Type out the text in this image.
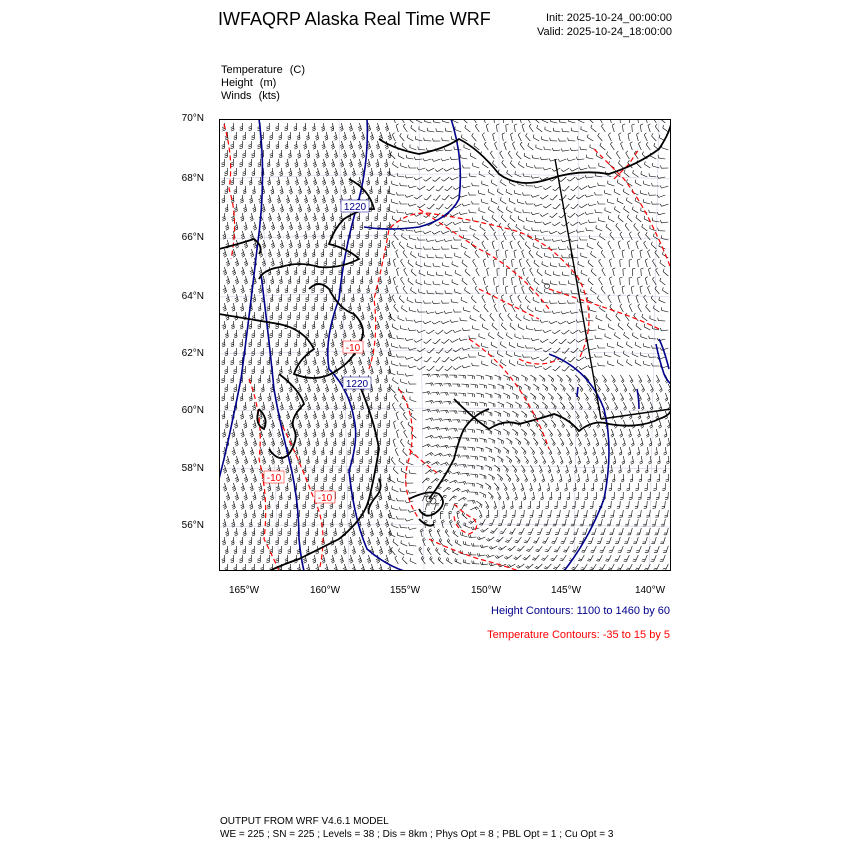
IWFAQRP Alaska Real Time WRF	Init: 2025-10-24_00:00:00
Valid: 2025-10-24_18:00:00
Temperature (C)
Height (m)
Winds (kts)
70°N
68°N
66°N
64°N
62°N
60°N
58°N
56°N
165°W	160°W	155°W	150°W	145°W	140°W
1220
1220
-10
-10
-10
Height Contours: 1100 to 1460 by 60
Temperature Contours: -35 to 15 by 5
OUTPUT FROM WRF V4.6.1 MODEL
WE = 225 ; SN = 225 ; Levels = 38 ; Dis = 8km ; Phys Opt = 8 ; PBL Opt = 1 ; Cu Opt = 3
